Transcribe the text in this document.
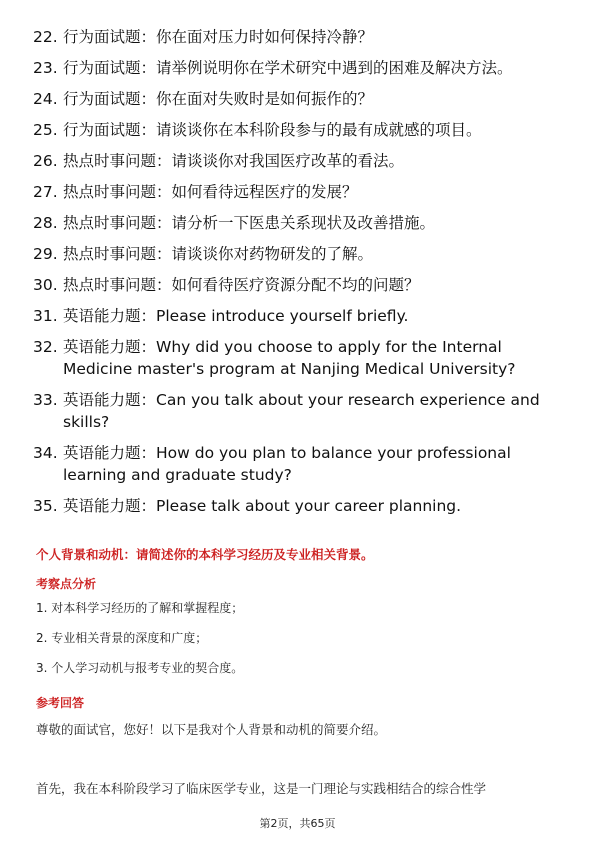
22. 行为面试题：你在面对压力时如何保持冷静？
23. 行为面试题：请举例说明你在学术研究中遇到的困难及解决方法。
24. 行为面试题：你在面对失败时是如何振作的？
25. 行为面试题：请谈谈你在本科阶段参与的最有成就感的项目。
26. 热点时事问题：请谈谈你对我国医疗改革的看法。
27. 热点时事问题：如何看待远程医疗的发展？
28. 热点时事问题：请分析一下医患关系现状及改善措施。
29. 热点时事问题：请谈谈你对药物研发的了解。
30. 热点时事问题：如何看待医疗资源分配不均的问题？
31. 英语能力题：Please introduce yourself briefly.
32. 英语能力题：Why did you choose to apply for the Internal Medicine master's program at Nanjing Medical University?
33. 英语能力题：Can you talk about your research experience and skills?
34. 英语能力题：How do you plan to balance your professional learning and graduate study?
35. 英语能力题：Please talk about your career planning.
个人背景和动机：请简述你的本科学习经历及专业相关背景。
考察点分析
1. 对本科学习经历的了解和掌握程度；
2. 专业相关背景的深度和广度；
3. 个人学习动机与报考专业的契合度。
参考回答
尊敬的面试官，您好！以下是我对个人背景和动机的简要介绍。
首先，我在本科阶段学习了临床医学专业，这是一门理论与实践相结合的综合性学
第2页，共65页
